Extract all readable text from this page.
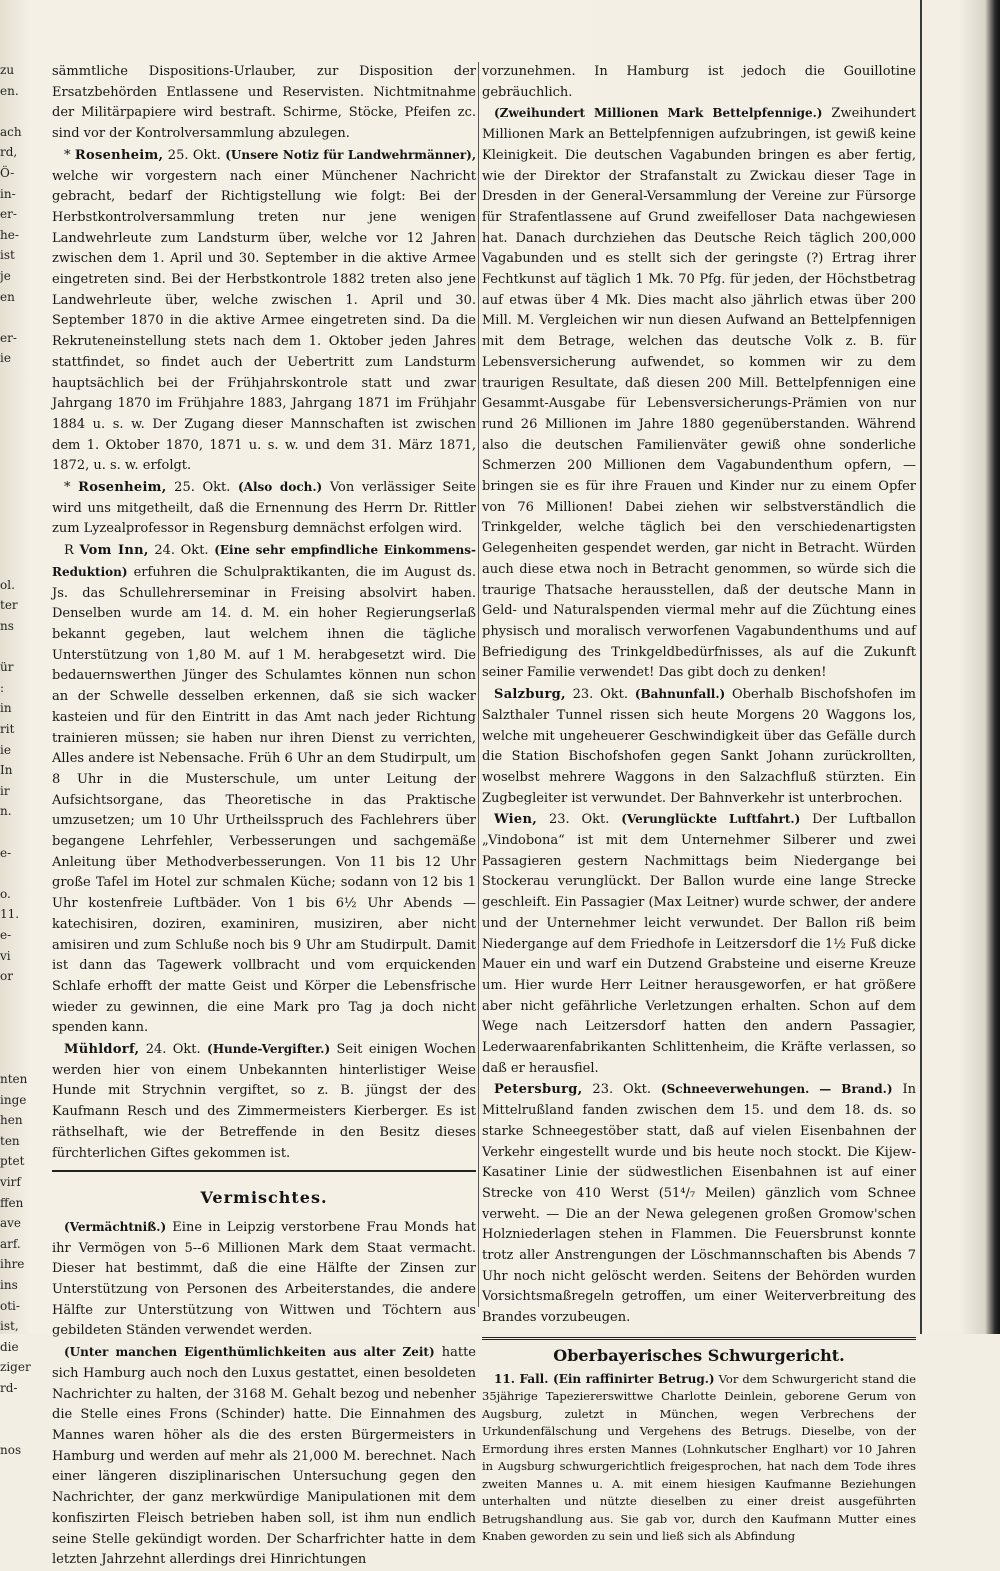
zu
en.
ach
rd,
Ö-
in-
er-
he-
ist
je
en
er-
ie
ol.
ter
ns
ür
:
in
rit
ie
In
ir
n.
e-
o.
11.
e-
vi
or
nten
inge
hen
ten
ptet
virf
ffen
ave
arf.
ihre
ins
oti-
ist,
die
ziger
rd-
nos

sämmtliche Dispositions-Urlauber, zur Disposition der Ersatzbehörden Entlassene und Reservisten. Nichtmitnahme der Militärpapiere wird bestraft. Schirme, Stöcke, Pfeifen zc. sind vor der Kontrolversammlung abzulegen.

* Rosenheim, 25. Okt. (Unsere Notiz für Landwehrmänner), welche wir vorgestern nach einer Münchener Nachricht gebracht, bedarf der Richtigstellung wie folgt: Bei der Herbstkontrolversammlung treten nur jene wenigen Landwehrleute zum Landsturm über, welche vor 12 Jahren zwischen dem 1. April und 30. September in die aktive Armee eingetreten sind. Bei der Herbstkontrole 1882 treten also jene Landwehrleute über, welche zwischen 1. April und 30. September 1870 in die aktive Armee eingetreten sind. Da die Rekruteneinstellung stets nach dem 1. Oktober jeden Jahres stattfindet, so findet auch der Uebertritt zum Landsturm hauptsächlich bei der Frühjahrskontrole statt und zwar Jahrgang 1870 im Frühjahre 1883, Jahrgang 1871 im Frühjahr 1884 u. s. w. Der Zugang dieser Mannschaften ist zwischen dem 1. Oktober 1870, 1871 u. s. w. und dem 31. März 1871, 1872, u. s. w. erfolgt.

* Rosenheim, 25. Okt. (Also doch.) Von verlässiger Seite wird uns mitgetheilt, daß die Ernennung des Herrn Dr. Rittler zum Lyzealprofessor in Regensburg demnächst erfolgen wird.

R Vom Inn, 24. Okt. (Eine sehr empfindliche Einkommens-Reduktion) erfuhren die Schulpraktikanten, die im August ds. Js. das Schullehrerseminar in Freising absolvirt haben. Denselben wurde am 14. d. M. ein hoher Regierungserlaß bekannt gegeben, laut welchem ihnen die tägliche Unterstützung von 1,80 M. auf 1 M. herabgesetzt wird. Die bedauernswerthen Jünger des Schulamtes können nun schon an der Schwelle desselben erkennen, daß sie sich wacker kasteien und für den Eintritt in das Amt nach jeder Richtung trainieren müssen; sie haben nur ihren Dienst zu verrichten, Alles andere ist Nebensache. Früh 6 Uhr an dem Studirpult, um 8 Uhr in die Musterschule, um unter Leitung der Aufsichtsorgane, das Theoretische in das Praktische umzusetzen; um 10 Uhr Urtheilsspruch des Fachlehrers über begangene Lehrfehler, Verbesserungen und sachgemäße Anleitung über Methodverbesserungen. Von 11 bis 12 Uhr große Tafel im Hotel zur schmalen Küche; sodann von 12 bis 1 Uhr kostenfreie Luftbäder. Von 1 bis 6½ Uhr Abends — katechisiren, doziren, examiniren, musiziren, aber nicht amisiren und zum Schluße noch bis 9 Uhr am Studirpult. Damit ist dann das Tagewerk vollbracht und vom erquickenden Schlafe erhofft der matte Geist und Körper die Lebensfrische wieder zu gewinnen, die eine Mark pro Tag ja doch nicht spenden kann.

Mühldorf, 24. Okt. (Hunde-Vergifter.) Seit einigen Wochen werden hier von einem Unbekannten hinterlistiger Weise Hunde mit Strychnin vergiftet, so z. B. jüngst der des Kaufmann Resch und des Zimmermeisters Kierberger. Es ist räthselhaft, wie der Betreffende in den Besitz dieses fürchterlichen Giftes gekommen ist.

Vermischtes.

(Vermächtniß.) Eine in Leipzig verstorbene Frau Monds hat ihr Vermögen von 5--6 Millionen Mark dem Staat vermacht. Dieser hat bestimmt, daß die eine Hälfte der Zinsen zur Unterstützung von Personen des Arbeiterstandes, die andere Hälfte zur Unterstützung von Wittwen und Töchtern aus gebildeten Ständen verwendet werden.

(Unter manchen Eigenthümlichkeiten aus alter Zeit) hatte sich Hamburg auch noch den Luxus gestattet, einen besoldeten Nachrichter zu halten, der 3168 M. Gehalt bezog und nebenher die Stelle eines Frons (Schinder) hatte. Die Einnahmen des Mannes waren höher als die des ersten Bürgermeisters in Hamburg und werden auf mehr als 21,000 M. berechnet. Nach einer längeren disziplinarischen Untersuchung gegen den Nachrichter, der ganz merkwürdige Manipulationen mit dem konfiszirten Fleisch betrieben haben soll, ist ihm nun endlich seine Stelle gekündigt worden. Der Scharfrichter hatte in dem letzten Jahrzehnt allerdings drei Hinrichtungen

vorzunehmen. In Hamburg ist jedoch die Gouillotine gebräuchlich.

(Zweihundert Millionen Mark Bettelpfennige.) Zweihundert Millionen Mark an Bettelpfennigen aufzubringen, ist gewiß keine Kleinigkeit. Die deutschen Vagabunden bringen es aber fertig, wie der Direktor der Strafanstalt zu Zwickau dieser Tage in Dresden in der General-Versammlung der Vereine zur Fürsorge für Strafentlassene auf Grund zweifelloser Data nachgewiesen hat. Danach durchziehen das Deutsche Reich täglich 200,000 Vagabunden und es stellt sich der geringste (?) Ertrag ihrer Fechtkunst auf täglich 1 Mk. 70 Pfg. für jeden, der Höchstbetrag auf etwas über 4 Mk. Dies macht also jährlich etwas über 200 Mill. M. Vergleichen wir nun diesen Aufwand an Bettelpfennigen mit dem Betrage, welchen das deutsche Volk z. B. für Lebensversicherung aufwendet, so kommen wir zu dem traurigen Resultate, daß diesen 200 Mill. Bettelpfennigen eine Gesammt-Ausgabe für Lebensversicherungs-Prämien von nur rund 26 Millionen im Jahre 1880 gegenüberstanden. Während also die deutschen Familienväter gewiß ohne sonderliche Schmerzen 200 Millionen dem Vagabundenthum opfern, — bringen sie es für ihre Frauen und Kinder nur zu einem Opfer von 76 Millionen! Dabei ziehen wir selbstverständlich die Trinkgelder, welche täglich bei den verschiedenartigsten Gelegenheiten gespendet werden, gar nicht in Betracht. Würden auch diese etwa noch in Betracht genommen, so würde sich die traurige Thatsache herausstellen, daß der deutsche Mann in Geld- und Naturalspenden viermal mehr auf die Züchtung eines physisch und moralisch verworfenen Vagabundenthums und auf Befriedigung des Trinkgeldbedürfnisses, als auf die Zukunft seiner Familie verwendet! Das gibt doch zu denken!

Salzburg, 23. Okt. (Bahnunfall.) Oberhalb Bischofshofen im Salzthaler Tunnel rissen sich heute Morgens 20 Waggons los, welche mit ungeheuerer Geschwindigkeit über das Gefälle durch die Station Bischofshofen gegen Sankt Johann zurückrollten, woselbst mehrere Waggons in den Salzachfluß stürzten. Ein Zugbegleiter ist verwundet. Der Bahnverkehr ist unterbrochen.

Wien, 23. Okt. (Verunglückte Luftfahrt.) Der Luftballon „Vindobona“ ist mit dem Unternehmer Silberer und zwei Passagieren gestern Nachmittags beim Niedergange bei Stockerau verunglückt. Der Ballon wurde eine lange Strecke geschleift. Ein Passagier (Max Leitner) wurde schwer, der andere und der Unternehmer leicht verwundet. Der Ballon riß beim Niedergange auf dem Friedhofe in Leitzersdorf die 1½ Fuß dicke Mauer ein und warf ein Dutzend Grabsteine und eiserne Kreuze um. Hier wurde Herr Leitner herausgeworfen, er hat größere aber nicht gefährliche Verletzungen erhalten. Schon auf dem Wege nach Leitzersdorf hatten den andern Passagier, Lederwaarenfabrikanten Schlittenheim, die Kräfte verlassen, so daß er herausfiel.

Petersburg, 23. Okt. (Schneeverwehungen. — Brand.) In Mittelrußland fanden zwischen dem 15. und dem 18. ds. so starke Schneegestöber statt, daß auf vielen Eisenbahnen der Verkehr eingestellt wurde und bis heute noch stockt. Die Kijew-Kasatiner Linie der südwestlichen Eisenbahnen ist auf einer Strecke von 410 Werst (51⁴/₇ Meilen) gänzlich vom Schnee verweht. — Die an der Newa gelegenen großen Gromow'schen Holzniederlagen stehen in Flammen. Die Feuersbrunst konnte trotz aller Anstrengungen der Löschmannschaften bis Abends 7 Uhr noch nicht gelöscht werden. Seitens der Behörden wurden Vorsichtsmaßregeln getroffen, um einer Weiterverbreitung des Brandes vorzubeugen.

Oberbayerisches Schwurgericht.

11. Fall. (Ein raffinirter Betrug.) Vor dem Schwurgericht stand die 35jährige Tapeziererswittwe Charlotte Deinlein, geborene Gerum von Augsburg, zuletzt in München, wegen Verbrechens der Urkundenfälschung und Vergehens des Betrugs. Dieselbe, von der Ermordung ihres ersten Mannes (Lohnkutscher Englhart) vor 10 Jahren in Augsburg schwurgerichtlich freigesprochen, hat nach dem Tode ihres zweiten Mannes u. A. mit einem hiesigen Kaufmanne Beziehungen unterhalten und nützte dieselben zu einer dreist ausgeführten Betrugshandlung aus. Sie gab vor, durch den Kaufmann Mutter eines Knaben geworden zu sein und ließ sich als Abfindung
